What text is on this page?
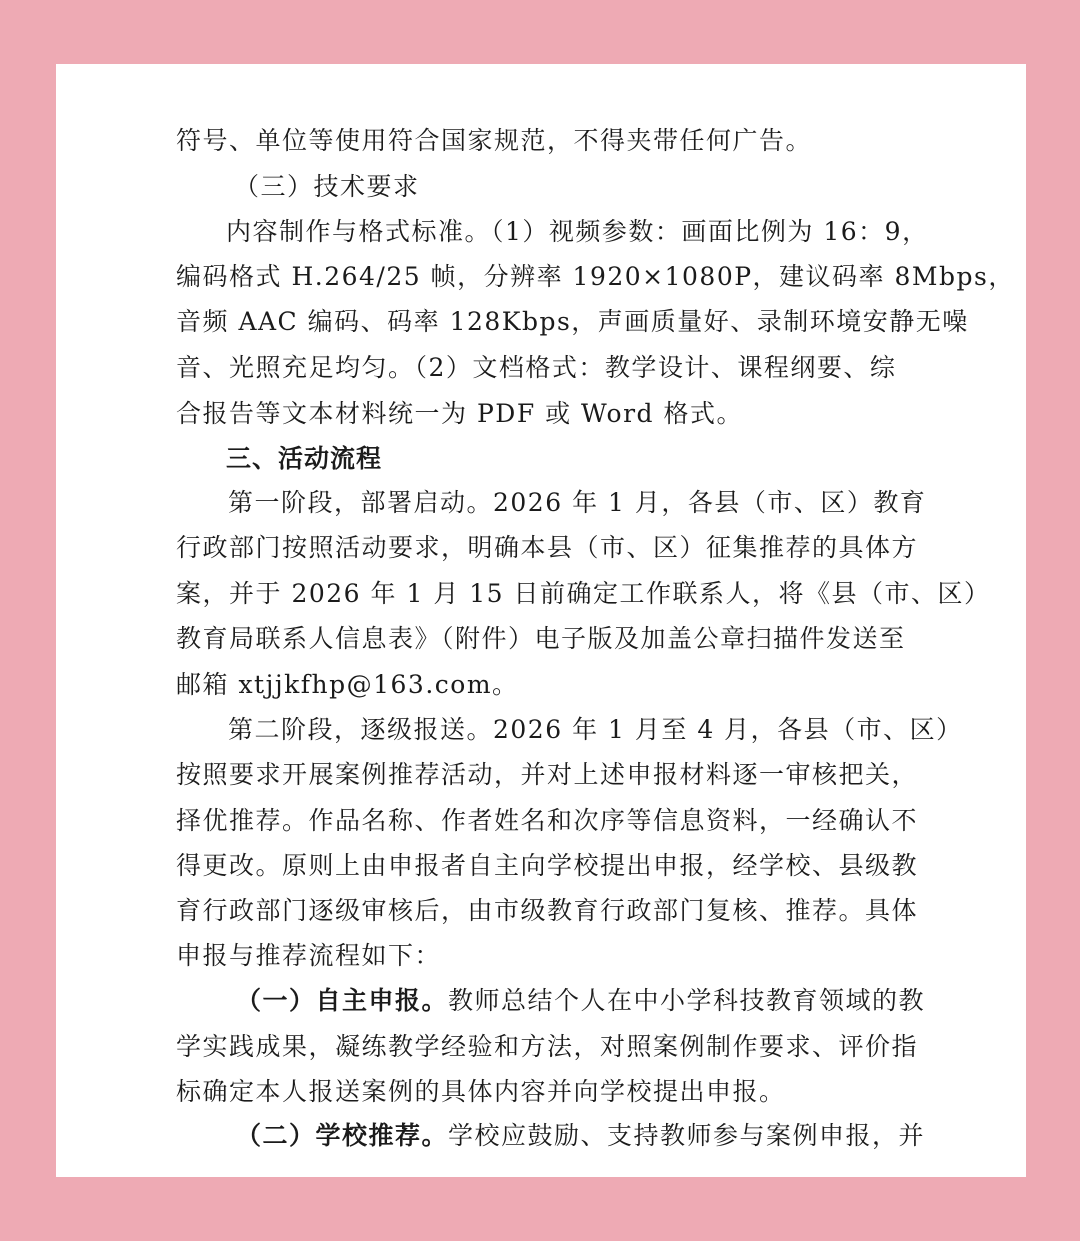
符号、单位等使用符合国家规范，不得夹带任何广告。
（三）技术要求
内容制作与格式标准。（1）视频参数：画面比例为 16：9，
编码格式 H.264/25 帧，分辨率 1920×1080P，建议码率 8Mbps，
音频 AAC 编码、码率 128Kbps，声画质量好、录制环境安静无噪
音、光照充足均匀。（2）文档格式：教学设计、课程纲要、综
合报告等文本材料统一为 PDF 或 Word 格式。
三、活动流程
第一阶段，部署启动。2026 年 1 月，各县（市、区）教育
行政部门按照活动要求，明确本县（市、区）征集推荐的具体方
案，并于 2026 年 1 月 15 日前确定工作联系人，将《县（市、区）
教育局联系人信息表》（附件）电子版及加盖公章扫描件发送至
邮箱 xtjjkfhp@163.com。
第二阶段，逐级报送。2026 年 1 月至 4 月，各县（市、区）
按照要求开展案例推荐活动，并对上述申报材料逐一审核把关，
择优推荐。作品名称、作者姓名和次序等信息资料，一经确认不
得更改。原则上由申报者自主向学校提出申报，经学校、县级教
育行政部门逐级审核后，由市级教育行政部门复核、推荐。具体
申报与推荐流程如下：
（一）自主申报。教师总结个人在中小学科技教育领域的教
学实践成果，凝练教学经验和方法，对照案例制作要求、评价指
标确定本人报送案例的具体内容并向学校提出申报。
（二）学校推荐。学校应鼓励、支持教师参与案例申报，并
